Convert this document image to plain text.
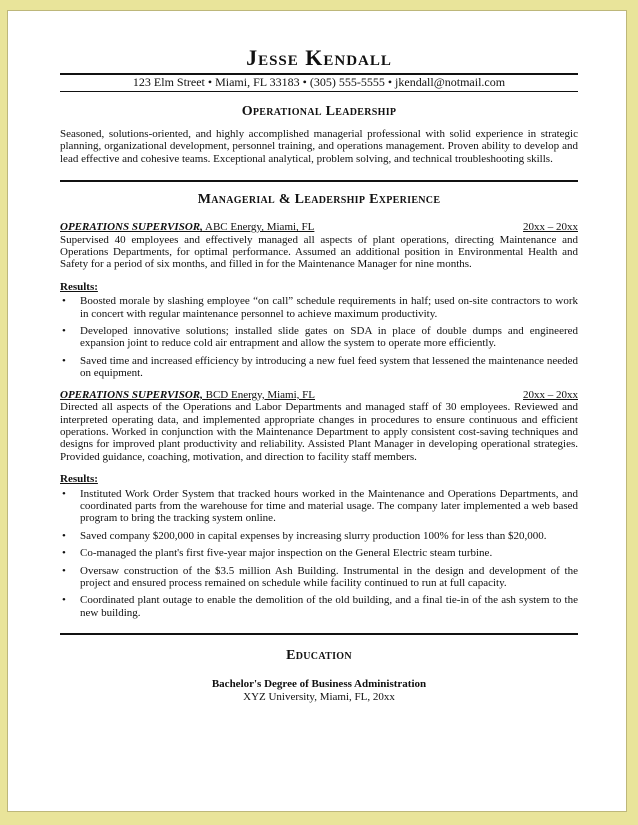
Jesse Kendall
123 Elm Street • Miami, FL 33183 • (305) 555-5555 • jkendall@notmail.com
Operational Leadership

Seasoned, solutions-oriented, and highly accomplished managerial professional with solid experience in strategic planning, organizational development, personnel training, and operations management. Proven ability to develop and lead effective and cohesive teams. Exceptional analytical, problem solving, and technical troubleshooting skills.

Managerial & Leadership Experience
OPERATIONS SUPERVISOR, ABC Energy, Miami, FL	20xx – 20xx

Supervised 40 employees and effectively managed all aspects of plant operations, directing Maintenance and Operations Departments, for optimal performance. Assumed an additional position in Environmental Health and Safety for a period of six months, and filled in for the Maintenance Manager for nine months.

Results:
• Boosted morale by slashing employee “on call” schedule requirements in half; used on-site contractors to work in concert with regular maintenance personnel to achieve maximum productivity.
• Developed innovative solutions; installed slide gates on SDA in place of double dumps and engineered expansion joint to reduce cold air entrapment and allow the system to operate more efficiently.
• Saved time and increased efficiency by introducing a new fuel feed system that lessened the maintenance needed on equipment.
OPERATIONS SUPERVISOR, BCD Energy, Miami, FL	20xx – 20xx

Directed all aspects of the Operations and Labor Departments and managed staff of 30 employees. Reviewed and interpreted operating data, and implemented appropriate changes in procedures to ensure continuous and efficient operations. Worked in conjunction with the Maintenance Department to apply consistent cost-saving techniques and designs for improved plant productivity and reliability. Assisted Plant Manager in developing operational strategies. Provided guidance, coaching, motivation, and direction to facility staff members.

Results:
• Instituted Work Order System that tracked hours worked in the Maintenance and Operations Departments, and coordinated parts from the warehouse for time and material usage. The company later implemented a web based program to bring the tracking system online.
• Saved company $200,000 in capital expenses by increasing slurry production 100% for less than $20,000.
• Co-managed the plant's first five-year major inspection on the General Electric steam turbine.
• Oversaw construction of the $3.5 million Ash Building. Instrumental in the design and development of the project and ensured process remained on schedule while facility continued to run at full capacity.
• Coordinated plant outage to enable the demolition of the old building, and a final tie-in of the ash system to the new building.
Education
Bachelor's Degree of Business Administration
XYZ University, Miami, FL, 20xx
